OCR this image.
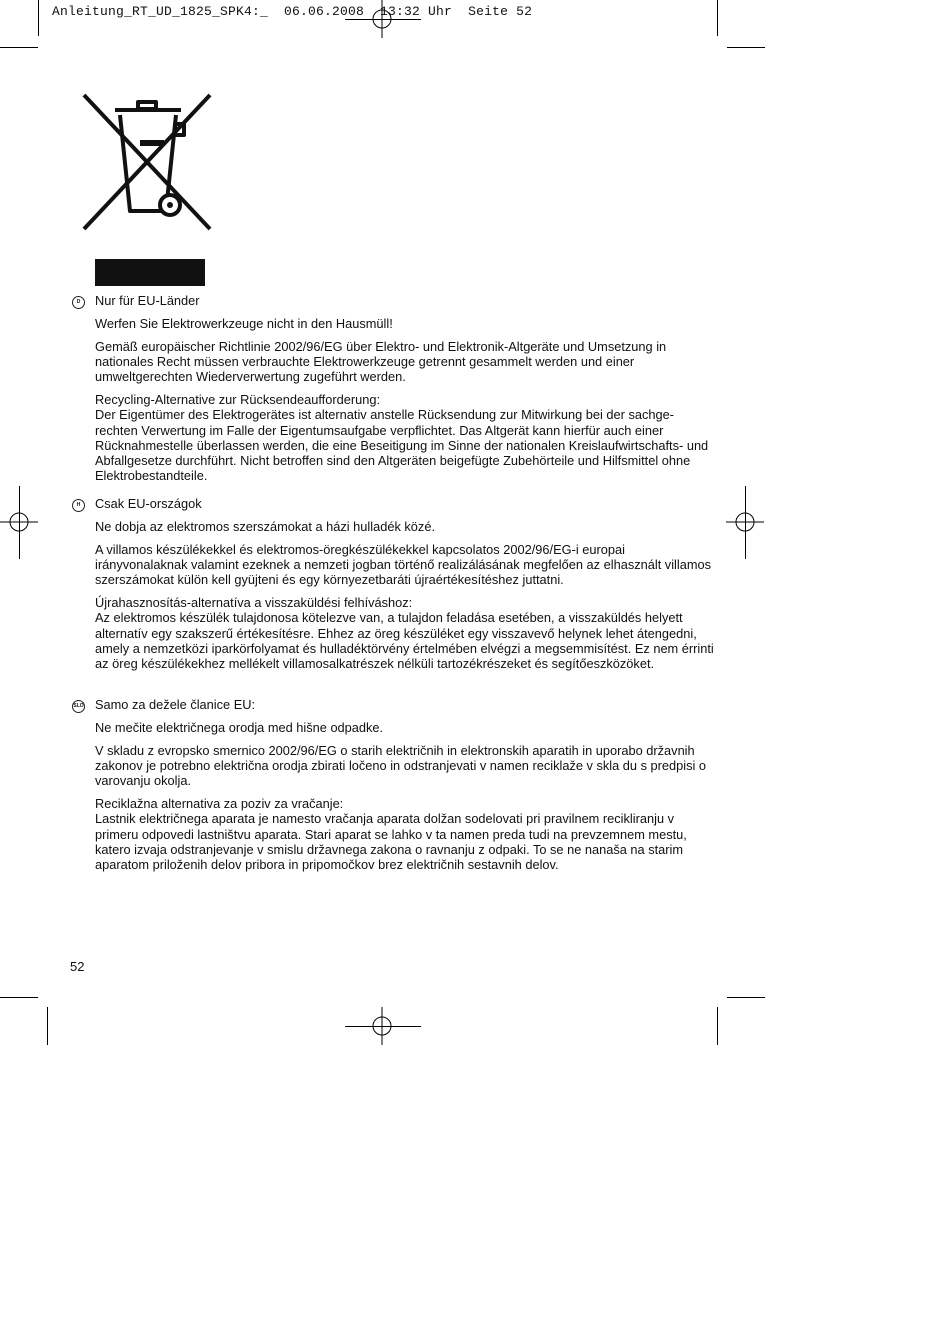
Anleitung_RT_UD_1825_SPK4:_  06.06.2008  13:32 Uhr  Seite 52
D	Nur für EU-Länder

Werfen Sie Elektrowerkzeuge nicht in den Hausmüll!

Gemäß europäischer Richtlinie 2002/96/EG über Elektro- und Elektronik-Altgeräte und Umsetzung in nationales Recht müssen verbrauchte Elektrowerkzeuge getrennt gesammelt werden und einer umweltgerechten Wiederverwertung zugeführt werden.

Recycling-Alternative zur Rücksendeaufforderung:
Der Eigentümer des Elektrogerätes ist alternativ anstelle Rücksendung zur Mitwirkung bei der sachge-rechten Verwertung im Falle der Eigentumsaufgabe verpflichtet. Das Altgerät kann hierfür auch einer Rücknahmestelle überlassen werden, die eine Beseitigung im Sinne der nationalen Kreislaufwirtschafts- und Abfallgesetze durchführt. Nicht betroffen sind den Altgeräten beigefügte Zubehörteile und Hilfsmittel ohne Elektrobestandteile.

H	Csak EU-országok

Ne dobja az elektromos szerszámokat a házi hulladék közé.

A villamos készülékekkel és elektromos-öregkészülékekkel kapcsolatos 2002/96/EG-i europai irányvonalaknak valamint ezeknek a nemzeti jogban történő realizálásának megfelően az elhasznált villamos szerszámokat külön kell gyüjteni és egy környezetbaráti újraértékesítéshez juttatni.

Újrahasznosítás-alternatíva a visszaküldési felhíváshoz:
Az elektromos készülék tulajdonosa kötelezve van, a tulajdon feladása esetében, a visszaküldés helyett alternatív egy szakszerű értékesítésre. Ehhez az öreg készüléket egy visszavevő helynek lehet átengedni, amely a nemzetközi iparkörfolyamat és hulladéktörvény értelmében elvégzi a megsemmisítést. Ez nem érrinti az öreg készülékekhez mellékelt villamosalkatrészek nélküli tartozékrészeket és segítőeszközöket.

SLO Samo za dežele članice EU:

Ne mečite električnega orodja med hišne odpadke.

V skladu z evropsko smernico 2002/96/EG o starih električnih in elektronskih aparatih in uporabo državnih zakonov je potrebno električna orodja zbirati ločeno in odstranjevati v namen reciklaže v skla du s predpisi o varovanju okolja.

Reciklažna alternativa za poziv za vračanje:
Lastnik električnega aparata je namesto vračanja aparata dolžan sodelovati pri pravilnem recikliranju v primeru odpovedi lastništvu aparata. Stari aparat se lahko v ta namen preda tudi na prevzemnem mestu, katero izvaja odstranjevanje v smislu državnega zakona o ravnanju z odpaki. To se ne nanaša na starim aparatom priloženih delov pribora in pripomočkov brez električnih sestavnih delov.

52
